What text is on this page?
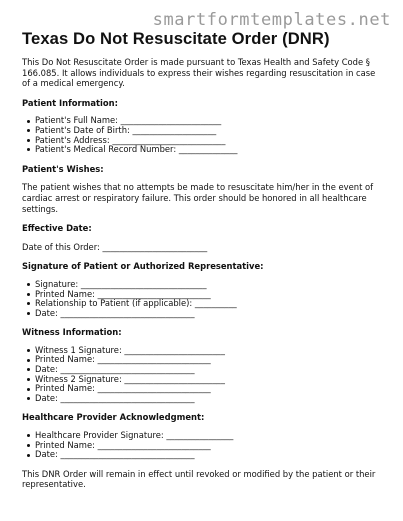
smartformtemplates.net
Texas Do Not Resuscitate Order (DNR)

This Do Not Resuscitate Order is made pursuant to Texas Health and Safety Code § 166.085. It allows individuals to express their wishes regarding resuscitation in case of a medical emergency.

Patient Information:
Patient's Full Name: ________________________
Patient's Date of Birth: ____________________
Patient's Address: ___________________________
Patient's Medical Record Number: ______________
Patient's Wishes:

The patient wishes that no attempts be made to resuscitate him/her in the event of cardiac arrest or respiratory failure. This order should be honored in all healthcare settings.

Effective Date:

Date of this Order: _________________________

Signature of Patient or Authorized Representative:
Signature: ______________________________
Printed Name: ___________________________
Relationship to Patient (if applicable): __________
Date: ________________________________
Witness Information:
Witness 1 Signature: ________________________
Printed Name: ___________________________
Date: ________________________________
Witness 2 Signature: ________________________
Printed Name: ___________________________
Date: ________________________________
Healthcare Provider Acknowledgment:
Healthcare Provider Signature: ________________
Printed Name: ___________________________
Date: ________________________________

This DNR Order will remain in effect until revoked or modified by the patient or their representative.
